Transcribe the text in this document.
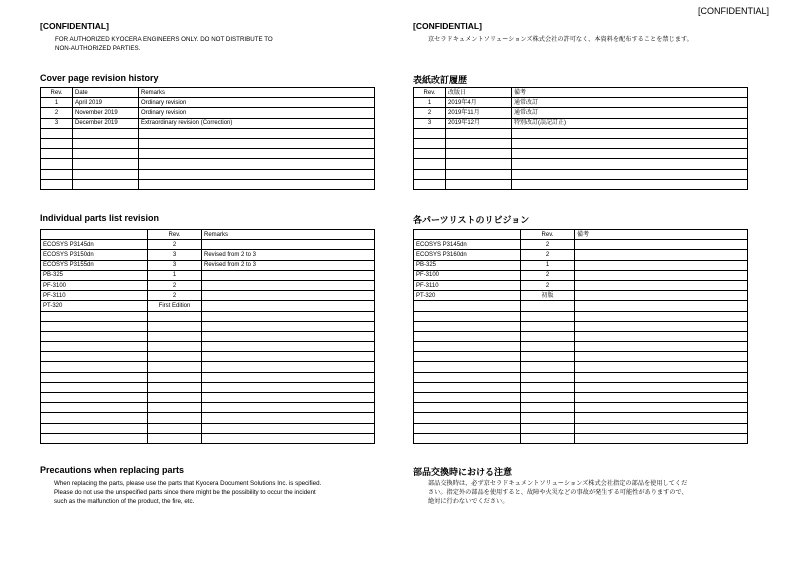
[CONFIDENTIAL]
[CONFIDENTIAL]
FOR AUTHORIZED KYOCERA ENGINEERS ONLY. DO NOT DISTRIBUTE TO
NON-AUTHORIZED PARTIES.
Cover page revision history
Rev.	Date	Remarks
1	April 2019	Ordinary revision
2	November 2019	Ordinary revision
3	December 2019	Extraordinary revision (Correction)

Individual parts list revision
	Rev.	Remarks
ECOSYS P3145dn	2	
ECOSYS P3150dn	3	Revised from 2 to 3
ECOSYS P3155dn	3	Revised from 2 to 3
PB-325	1	
PF-3100	2	
PF-3110	2	
PT-320	First Edition	

Precautions when replacing parts
When replacing the parts, please use the parts that Kyocera Document Solutions Inc. is specified.
Please do not use the unspecified parts since there might be the possibility to occur the incident
such as the malfunction of the product, the fire, etc.
[CONFIDENTIAL]
京セラドキュメントソリューションズ株式会社の許可なく、本資料を配布することを禁じます。
表紙改訂履歴
Rev.	改版日	備考
1	2019年4月	通常改訂
2	2019年11月	通常改訂
3	2019年12月	特別改訂(誤記訂正)

各パーツリストのリビジョン
	Rev.	備考
ECOSYS P3145dn	2	
ECOSYS P3160dn	2	
PB-325	1	
PF-3100	2	
PF-3110	2	
PT-320	初版	

部品交換時における注意
部品交換時は、必ず京セラドキュメントソリューションズ株式会社指定の部品を使用してくだ
さい。指定外の部品を使用すると、故障や火災などの事故が発生する可能性がありますので、
絶対に行わないでください。
